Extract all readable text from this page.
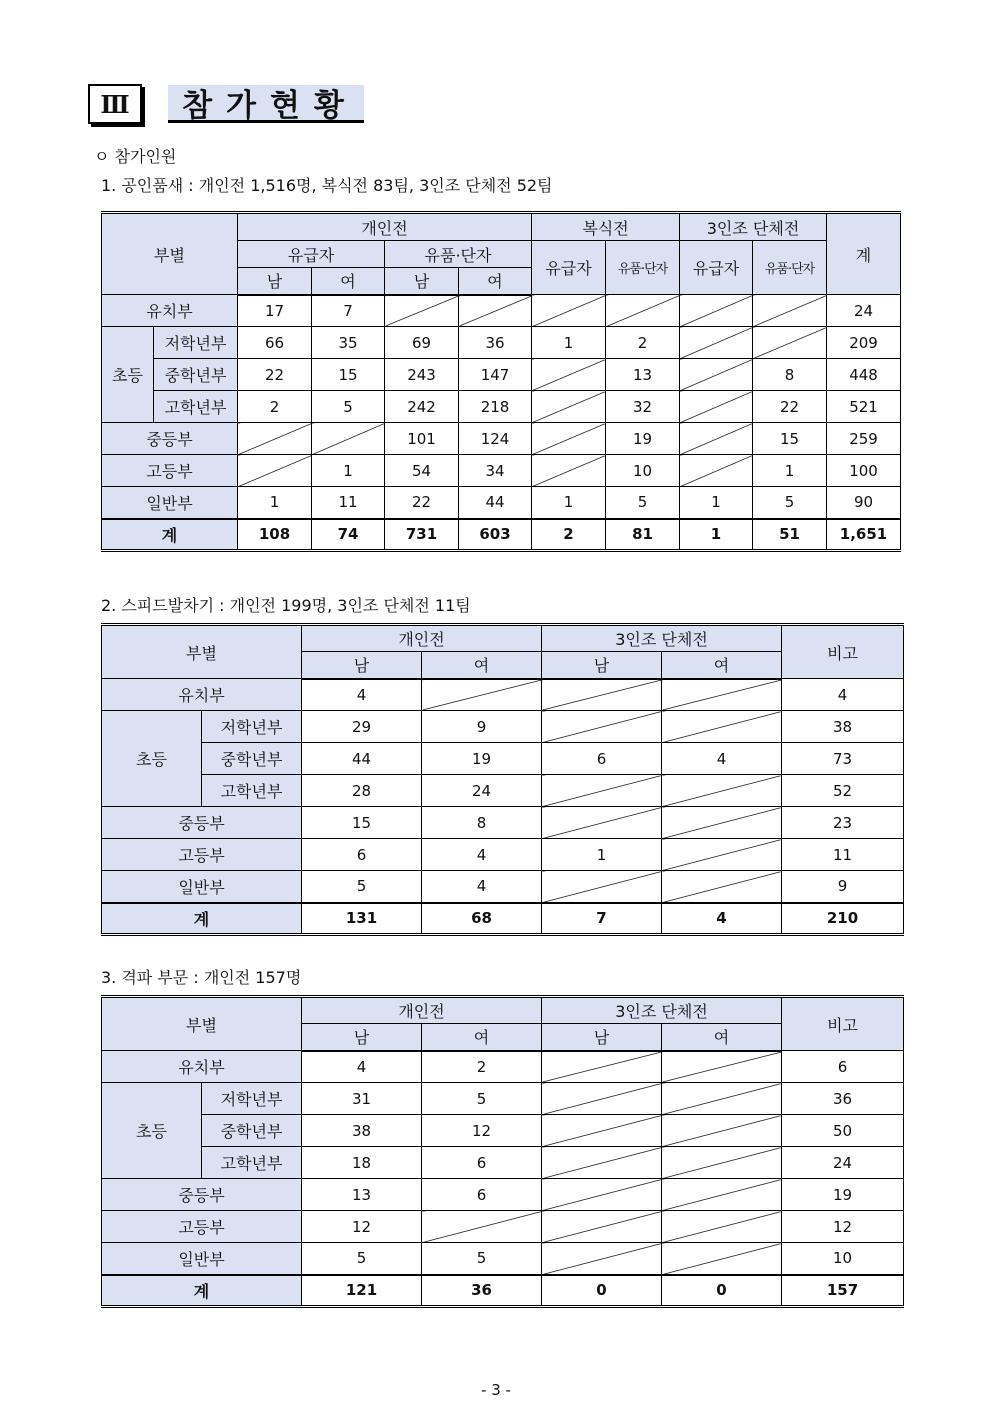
Ⅲ	참가현황
ㅇ 참가인원
1. 공인품새 : 개인전 1,516명, 복식전 83팀, 3인조 단체전 52팀
부별		개인전				복식전		3인조 단체전		계
		유급자		유품·단자		유급자	유품·단자	유급자	유품·단자	
		남	여	남	여					
유치부		17	7							24
초등	저학년부	66	35	69	36	1	2			209
	중학년부	22	15	243	147		13		8	448
	고학년부	2	5	242	218		32		22	521
중등부				101	124		19		15	259
고등부			1	54	34		10		1	100
일반부		1	11	22	44	1	5	1	5	90
계		108	74	731	603	2	81	1	51	1,651
2. 스피드발차기 : 개인전 199명, 3인조 단체전 11팀
부별		개인전		3인조 단체전		비고
		남	여	남	여	
유치부		4				4
초등	저학년부	29	9			38
	중학년부	44	19	6	4	73
	고학년부	28	24			52
중등부		15	8			23
고등부		6	4	1		11
일반부		5	4			9
계		131	68	7	4	210
3. 격파 부문 : 개인전 157명
부별		개인전		3인조 단체전		비고
		남	여	남	여	
유치부		4	2			6
초등	저학년부	31	5			36
	중학년부	38	12			50
	고학년부	18	6			24
중등부		13	6			19
고등부		12				12
일반부		5	5			10
계		121	36	0	0	157
- 3 -
